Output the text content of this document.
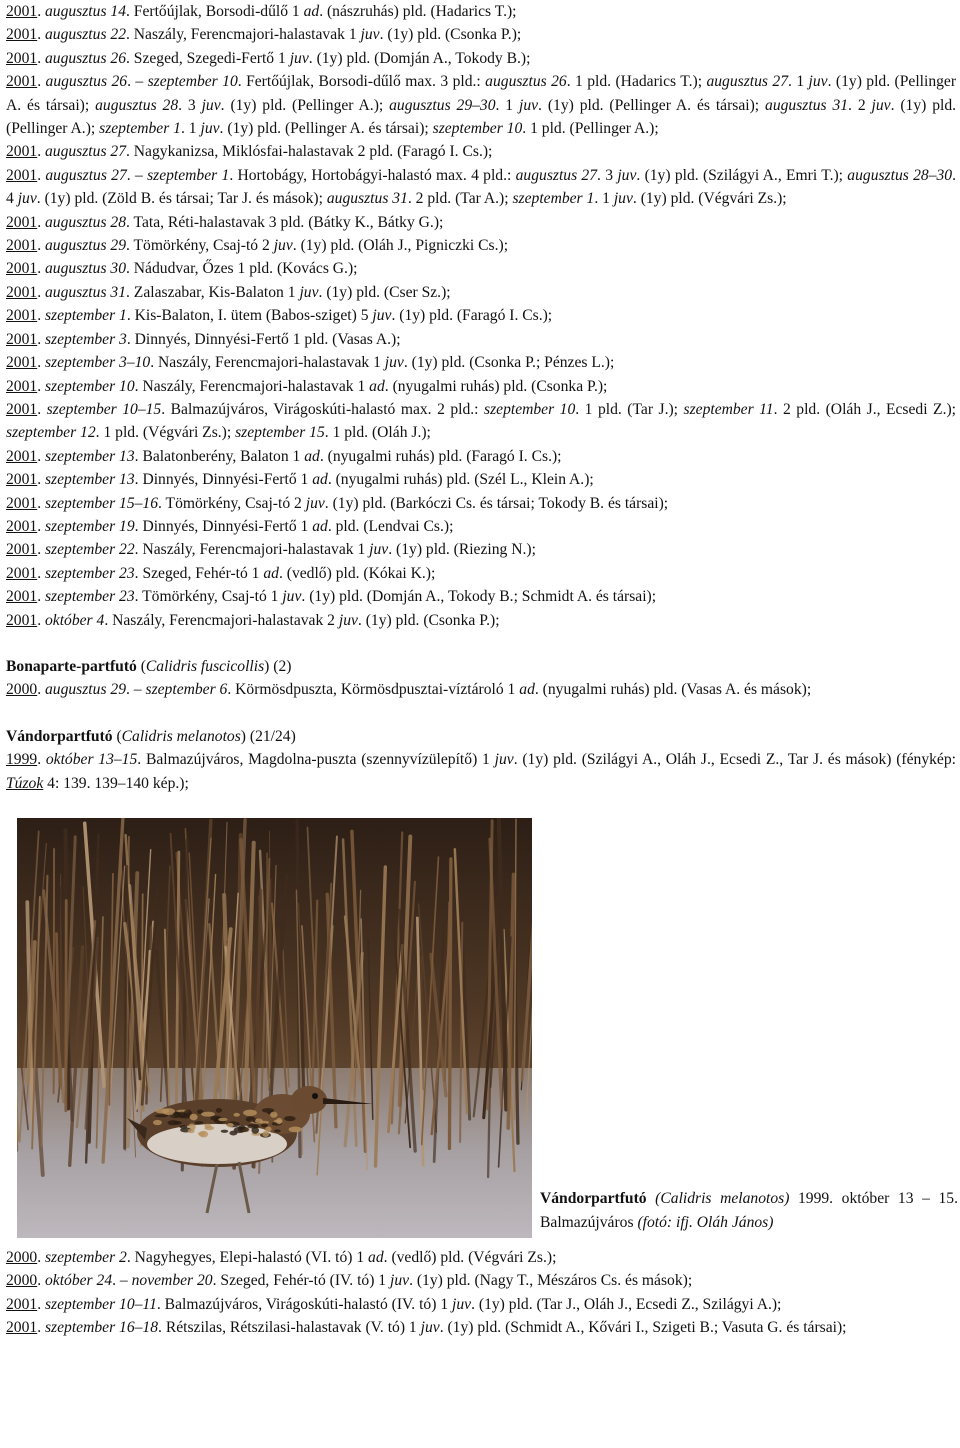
2001. augusztus 14. Fertőújlak, Borsodi-dűlő 1 ad. (nászruhás) pld. (Hadarics T.);

2001. augusztus 22. Naszály, Ferencmajori-halastavak 1 juv. (1y) pld. (Csonka P.);

2001. augusztus 26. Szeged, Szegedi-Fertő 1 juv. (1y) pld. (Domján A., Tokody B.);

2001. augusztus 26. – szeptember 10. Fertőújlak, Borsodi-dűlő max. 3 pld.: augusztus 26. 1 pld. (Hadarics T.); augusztus 27. 1 juv. (1y) pld. (Pellinger A. és társai); augusztus 28. 3 juv. (1y) pld. (Pellinger A.); augusztus 29–30. 1 juv. (1y) pld. (Pellinger A. és társai); augusztus 31. 2 juv. (1y) pld. (Pellinger A.); szeptember 1. 1 juv. (1y) pld. (Pellinger A. és társai); szeptember 10. 1 pld. (Pellinger A.);

2001. augusztus 27. Nagykanizsa, Miklósfai-halastavak 2 pld. (Faragó I. Cs.);

2001. augusztus 27. – szeptember 1. Hortobágy, Hortobágyi-halastó max. 4 pld.: augusztus 27. 3 juv. (1y) pld. (Szilágyi A., Emri T.); augusztus 28–30. 4 juv. (1y) pld. (Zöld B. és társai; Tar J. és mások); augusztus 31. 2 pld. (Tar A.); szeptember 1. 1 juv. (1y) pld. (Végvári Zs.);

2001. augusztus 28. Tata, Réti-halastavak 3 pld. (Bátky K., Bátky G.);

2001. augusztus 29. Tömörkény, Csaj-tó 2 juv. (1y) pld. (Oláh J., Pigniczki Cs.);

2001. augusztus 30. Nádudvar, Őzes 1 pld. (Kovács G.);

2001. augusztus 31. Zalaszabar, Kis-Balaton 1 juv. (1y) pld. (Cser Sz.);

2001. szeptember 1. Kis-Balaton, I. ütem (Babos-sziget) 5 juv. (1y) pld. (Faragó I. Cs.);

2001. szeptember 3. Dinnyés, Dinnyési-Fertő 1 pld. (Vasas A.);

2001. szeptember 3–10. Naszály, Ferencmajori-halastavak 1 juv. (1y) pld. (Csonka P.; Pénzes L.);

2001. szeptember 10. Naszály, Ferencmajori-halastavak 1 ad. (nyugalmi ruhás) pld. (Csonka P.);

2001. szeptember 10–15. Balmazújváros, Virágoskúti-halastó max. 2 pld.: szeptember 10. 1 pld. (Tar J.); szeptember 11. 2 pld. (Oláh J., Ecsedi Z.); szeptember 12. 1 pld. (Végvári Zs.); szeptember 15. 1 pld. (Oláh J.);

2001. szeptember 13. Balatonberény, Balaton 1 ad. (nyugalmi ruhás) pld. (Faragó I. Cs.);

2001. szeptember 13. Dinnyés, Dinnyési-Fertő 1 ad. (nyugalmi ruhás) pld. (Szél L., Klein A.);

2001. szeptember 15–16. Tömörkény, Csaj-tó 2 juv. (1y) pld. (Barkóczi Cs. és társai; Tokody B. és társai);

2001. szeptember 19. Dinnyés, Dinnyési-Fertő 1 ad. pld. (Lendvai Cs.);

2001. szeptember 22. Naszály, Ferencmajori-halastavak 1 juv. (1y) pld. (Riezing N.);

2001. szeptember 23. Szeged, Fehér-tó 1 ad. (vedlő) pld. (Kókai K.);

2001. szeptember 23. Tömörkény, Csaj-tó 1 juv. (1y) pld. (Domján A., Tokody B.; Schmidt A. és társai);

2001. október 4. Naszály, Ferencmajori-halastavak 2 juv. (1y) pld. (Csonka P.);

Bonaparte-partfutó (Calidris fuscicollis) (2)

2000. augusztus 29. – szeptember 6. Körmösdpuszta, Körmösdpusztai-víztároló 1 ad. (nyugalmi ruhás) pld. (Vasas A. és mások);

Vándorpartfutó (Calidris melanotos) (21/24)

1999. október 13–15. Balmazújváros, Magdolna-puszta (szennyvízülepítő) 1 juv. (1y) pld. (Szilágyi A., Oláh J., Ecsedi Z., Tar J. és mások) (fénykép: Túzok 4: 139. 139–140 kép.);

Vándorpartfutó (Calidris melanotos) 1999. október 13 – 15. Balmazújváros (fotó: ifj. Oláh János)

2000. szeptember 2. Nagyhegyes, Elepi-halastó (VI. tó) 1 ad. (vedlő) pld. (Végvári Zs.);

2000. október 24. – november 20. Szeged, Fehér-tó (IV. tó) 1 juv. (1y) pld. (Nagy T., Mészáros Cs. és mások);

2001. szeptember 10–11. Balmazújváros, Virágoskúti-halastó (IV. tó) 1 juv. (1y) pld. (Tar J., Oláh J., Ecsedi Z., Szilágyi A.);

2001. szeptember 16–18. Rétszilas, Rétszilasi-halastavak (V. tó) 1 juv. (1y) pld. (Schmidt A., Kővári I., Szigeti B.; Vasuta G. és társai);
